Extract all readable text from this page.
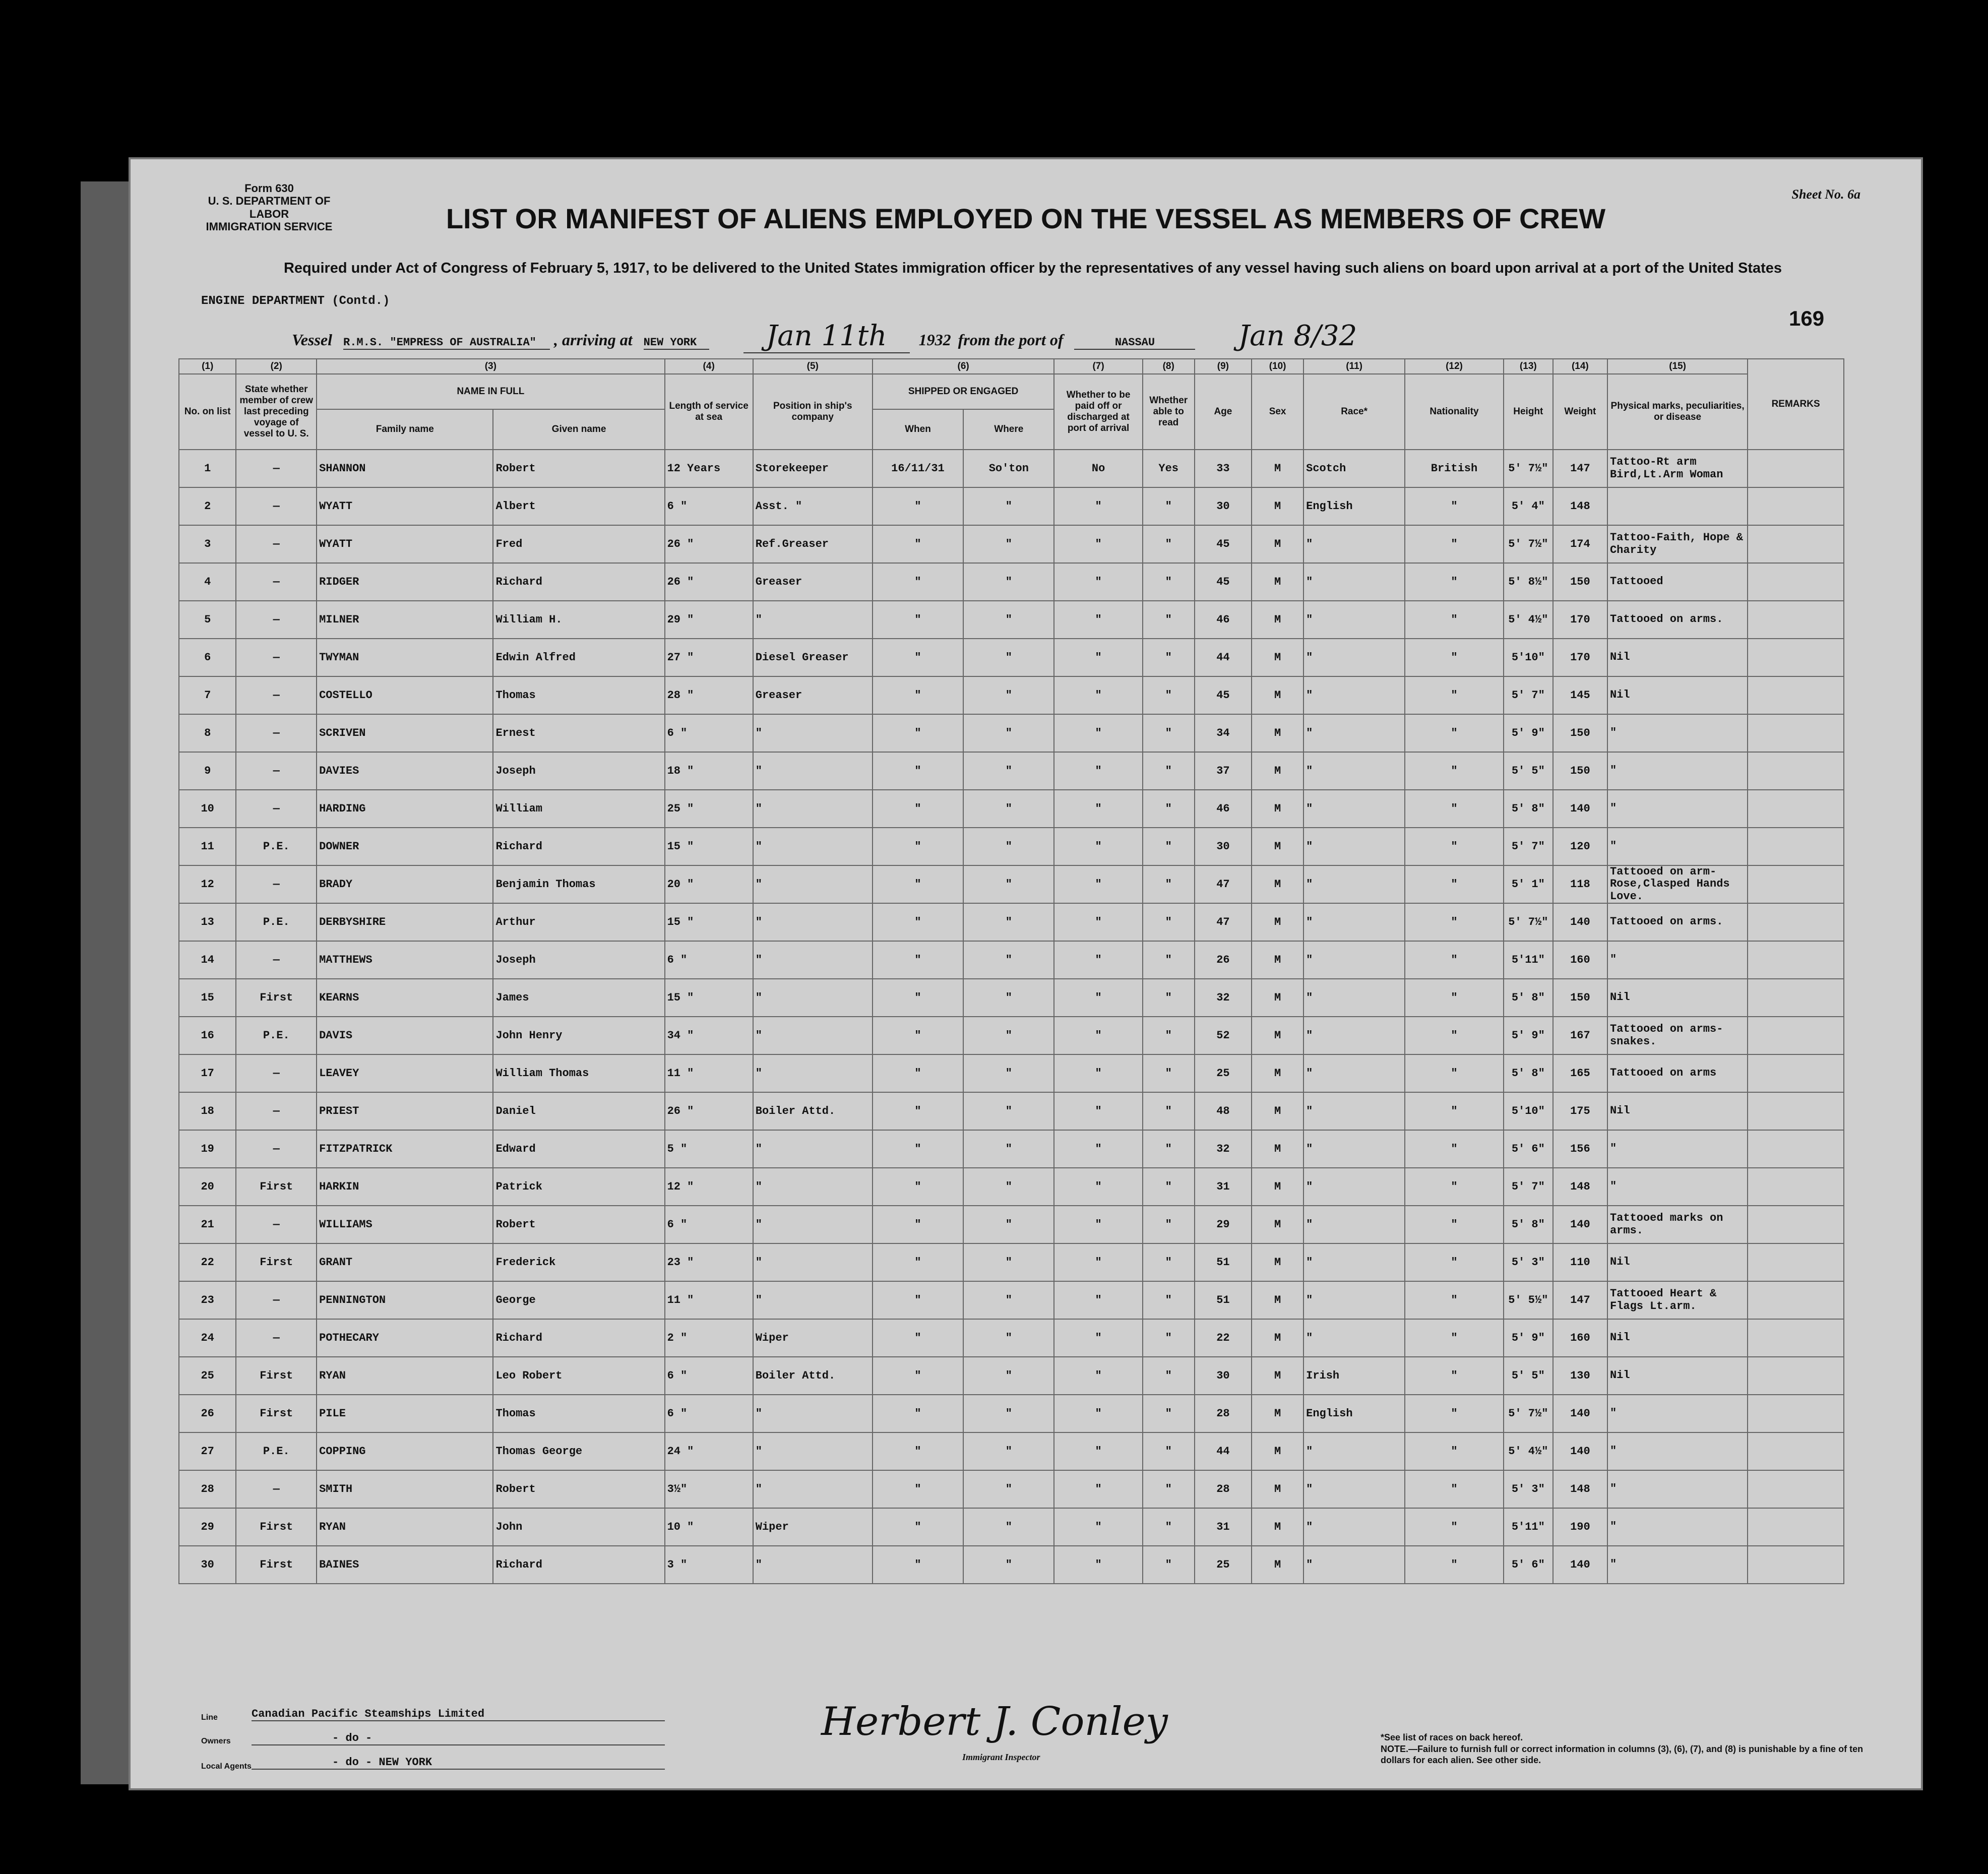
Form 630
U. S. DEPARTMENT OF LABOR
IMMIGRATION SERVICE
Sheet No. 6a
LIST OR MANIFEST OF ALIENS EMPLOYED ON THE VESSEL AS MEMBERS OF CREW
Required under Act of Congress of February 5, 1917, to be delivered to the United States immigration officer by the representatives of any vessel having such aliens on board upon arrival at a port of the United States
ENGINE DEPARTMENT (Contd.)
Vessel R.M.S. "EMPRESS OF AUSTRALIA" , arriving at NEW YORK Jan 11th 1932 from the port of	NASSAU	Jan 8/32
169
(1)	(2)	(3)		(4)	(5)	(6)		(7)	(8)	(9)	(10)	(11)	(12)	(13)	(14)	(15)	REMARKS
No. on list	State whether member of crew last preceding voyage of vessel to U. S.	NAME IN FULL		Length of service at sea	Position in ship's company	SHIPPED OR ENGAGED		Whether to be paid off or discharged at port of arrival	Whether able to read	Age	Sex	Race*	Nationality	Height	Weight	Physical marks, peculiarities, or disease	
		Family name	Given name			When	Where										
1	—	SHANNON	Robert	12 Years	Storekeeper	16/11/31	So'ton	No	Yes	33	M	Scotch	British	5' 7½"	147	Tattoo-Rt arm Bird,Lt.Arm Woman	
2	—	WYATT	Albert	6 "	Asst. "	"	"	"	"	30	M	English	"	5' 4"	148		
3	—	WYATT	Fred	26 "	Ref.Greaser	"	"	"	"	45	M	"	"	5' 7½"	174	Tattoo-Faith, Hope & Charity	
4	—	RIDGER	Richard	26 "	Greaser	"	"	"	"	45	M	"	"	5' 8½"	150	Tattooed	
5	—	MILNER	William H.	29 "	"	"	"	"	"	46	M	"	"	5' 4½"	170	Tattooed on arms.	
6	—	TWYMAN	Edwin Alfred	27 "	Diesel Greaser	"	"	"	"	44	M	"	"	5'10"	170	Nil	
7	—	COSTELLO	Thomas	28 "	Greaser	"	"	"	"	45	M	"	"	5' 7"	145	Nil	
8	—	SCRIVEN	Ernest	6 "	"	"	"	"	"	34	M	"	"	5' 9"	150	"	
9	—	DAVIES	Joseph	18 "	"	"	"	"	"	37	M	"	"	5' 5"	150	"	
10	—	HARDING	William	25 "	"	"	"	"	"	46	M	"	"	5' 8"	140	"	
11	P.E.	DOWNER	Richard	15 "	"	"	"	"	"	30	M	"	"	5' 7"	120	"	
12	—	BRADY	Benjamin Thomas	20 "	"	"	"	"	"	47	M	"	"	5' 1"	118	Tattooed on arm-Rose,Clasped Hands Love.	
13	P.E.	DERBYSHIRE	Arthur	15 "	"	"	"	"	"	47	M	"	"	5' 7½"	140	Tattooed on arms.	
14	—	MATTHEWS	Joseph	6 "	"	"	"	"	"	26	M	"	"	5'11"	160	"	
15	First	KEARNS	James	15 "	"	"	"	"	"	32	M	"	"	5' 8"	150	Nil	
16	P.E.	DAVIS	John Henry	34 "	"	"	"	"	"	52	M	"	"	5' 9"	167	Tattooed on arms-snakes.	
17	—	LEAVEY	William Thomas	11 "	"	"	"	"	"	25	M	"	"	5' 8"	165	Tattooed on arms	
18	—	PRIEST	Daniel	26 "	Boiler Attd.	"	"	"	"	48	M	"	"	5'10"	175	Nil	
19	—	FITZPATRICK	Edward	5 "	"	"	"	"	"	32	M	"	"	5' 6"	156	"	
20	First	HARKIN	Patrick	12 "	"	"	"	"	"	31	M	"	"	5' 7"	148	"	
21	—	WILLIAMS	Robert	6 "	"	"	"	"	"	29	M	"	"	5' 8"	140	Tattooed marks on arms.	
22	First	GRANT	Frederick	23 "	"	"	"	"	"	51	M	"	"	5' 3"	110	Nil	
23	—	PENNINGTON	George	11 "	"	"	"	"	"	51	M	"	"	5' 5½"	147	Tattooed Heart & Flags Lt.arm.	
24	—	POTHECARY	Richard	2 "	Wiper	"	"	"	"	22	M	"	"	5' 9"	160	Nil	
25	First	RYAN	Leo Robert	6 "	Boiler Attd.	"	"	"	"	30	M	Irish	"	5' 5"	130	Nil	
26	First	PILE	Thomas	6 "	"	"	"	"	"	28	M	English	"	5' 7½"	140	"	
27	P.E.	COPPING	Thomas George	24 "	"	"	"	"	"	44	M	"	"	5' 4½"	140	"	
28	—	SMITH	Robert	3½"	"	"	"	"	"	28	M	"	"	5' 3"	148	"	
29	First	RYAN	John	10 "	Wiper	"	"	"	"	31	M	"	"	5'11"	190	"	
30	First	BAINES	Richard	3 "	"	"	"	"	"	25	M	"	"	5' 6"	140	"	
Line	Canadian Pacific Steamships Limited
Owners	- do -
Local Agents	- do - NEW YORK
Herbert J. Conley
Immigrant Inspector
*See list of races on back hereof.
NOTE.—Failure to furnish full or correct information in columns (3), (6), (7), and (8) is punishable by a fine of ten dollars for each alien. See other side.
